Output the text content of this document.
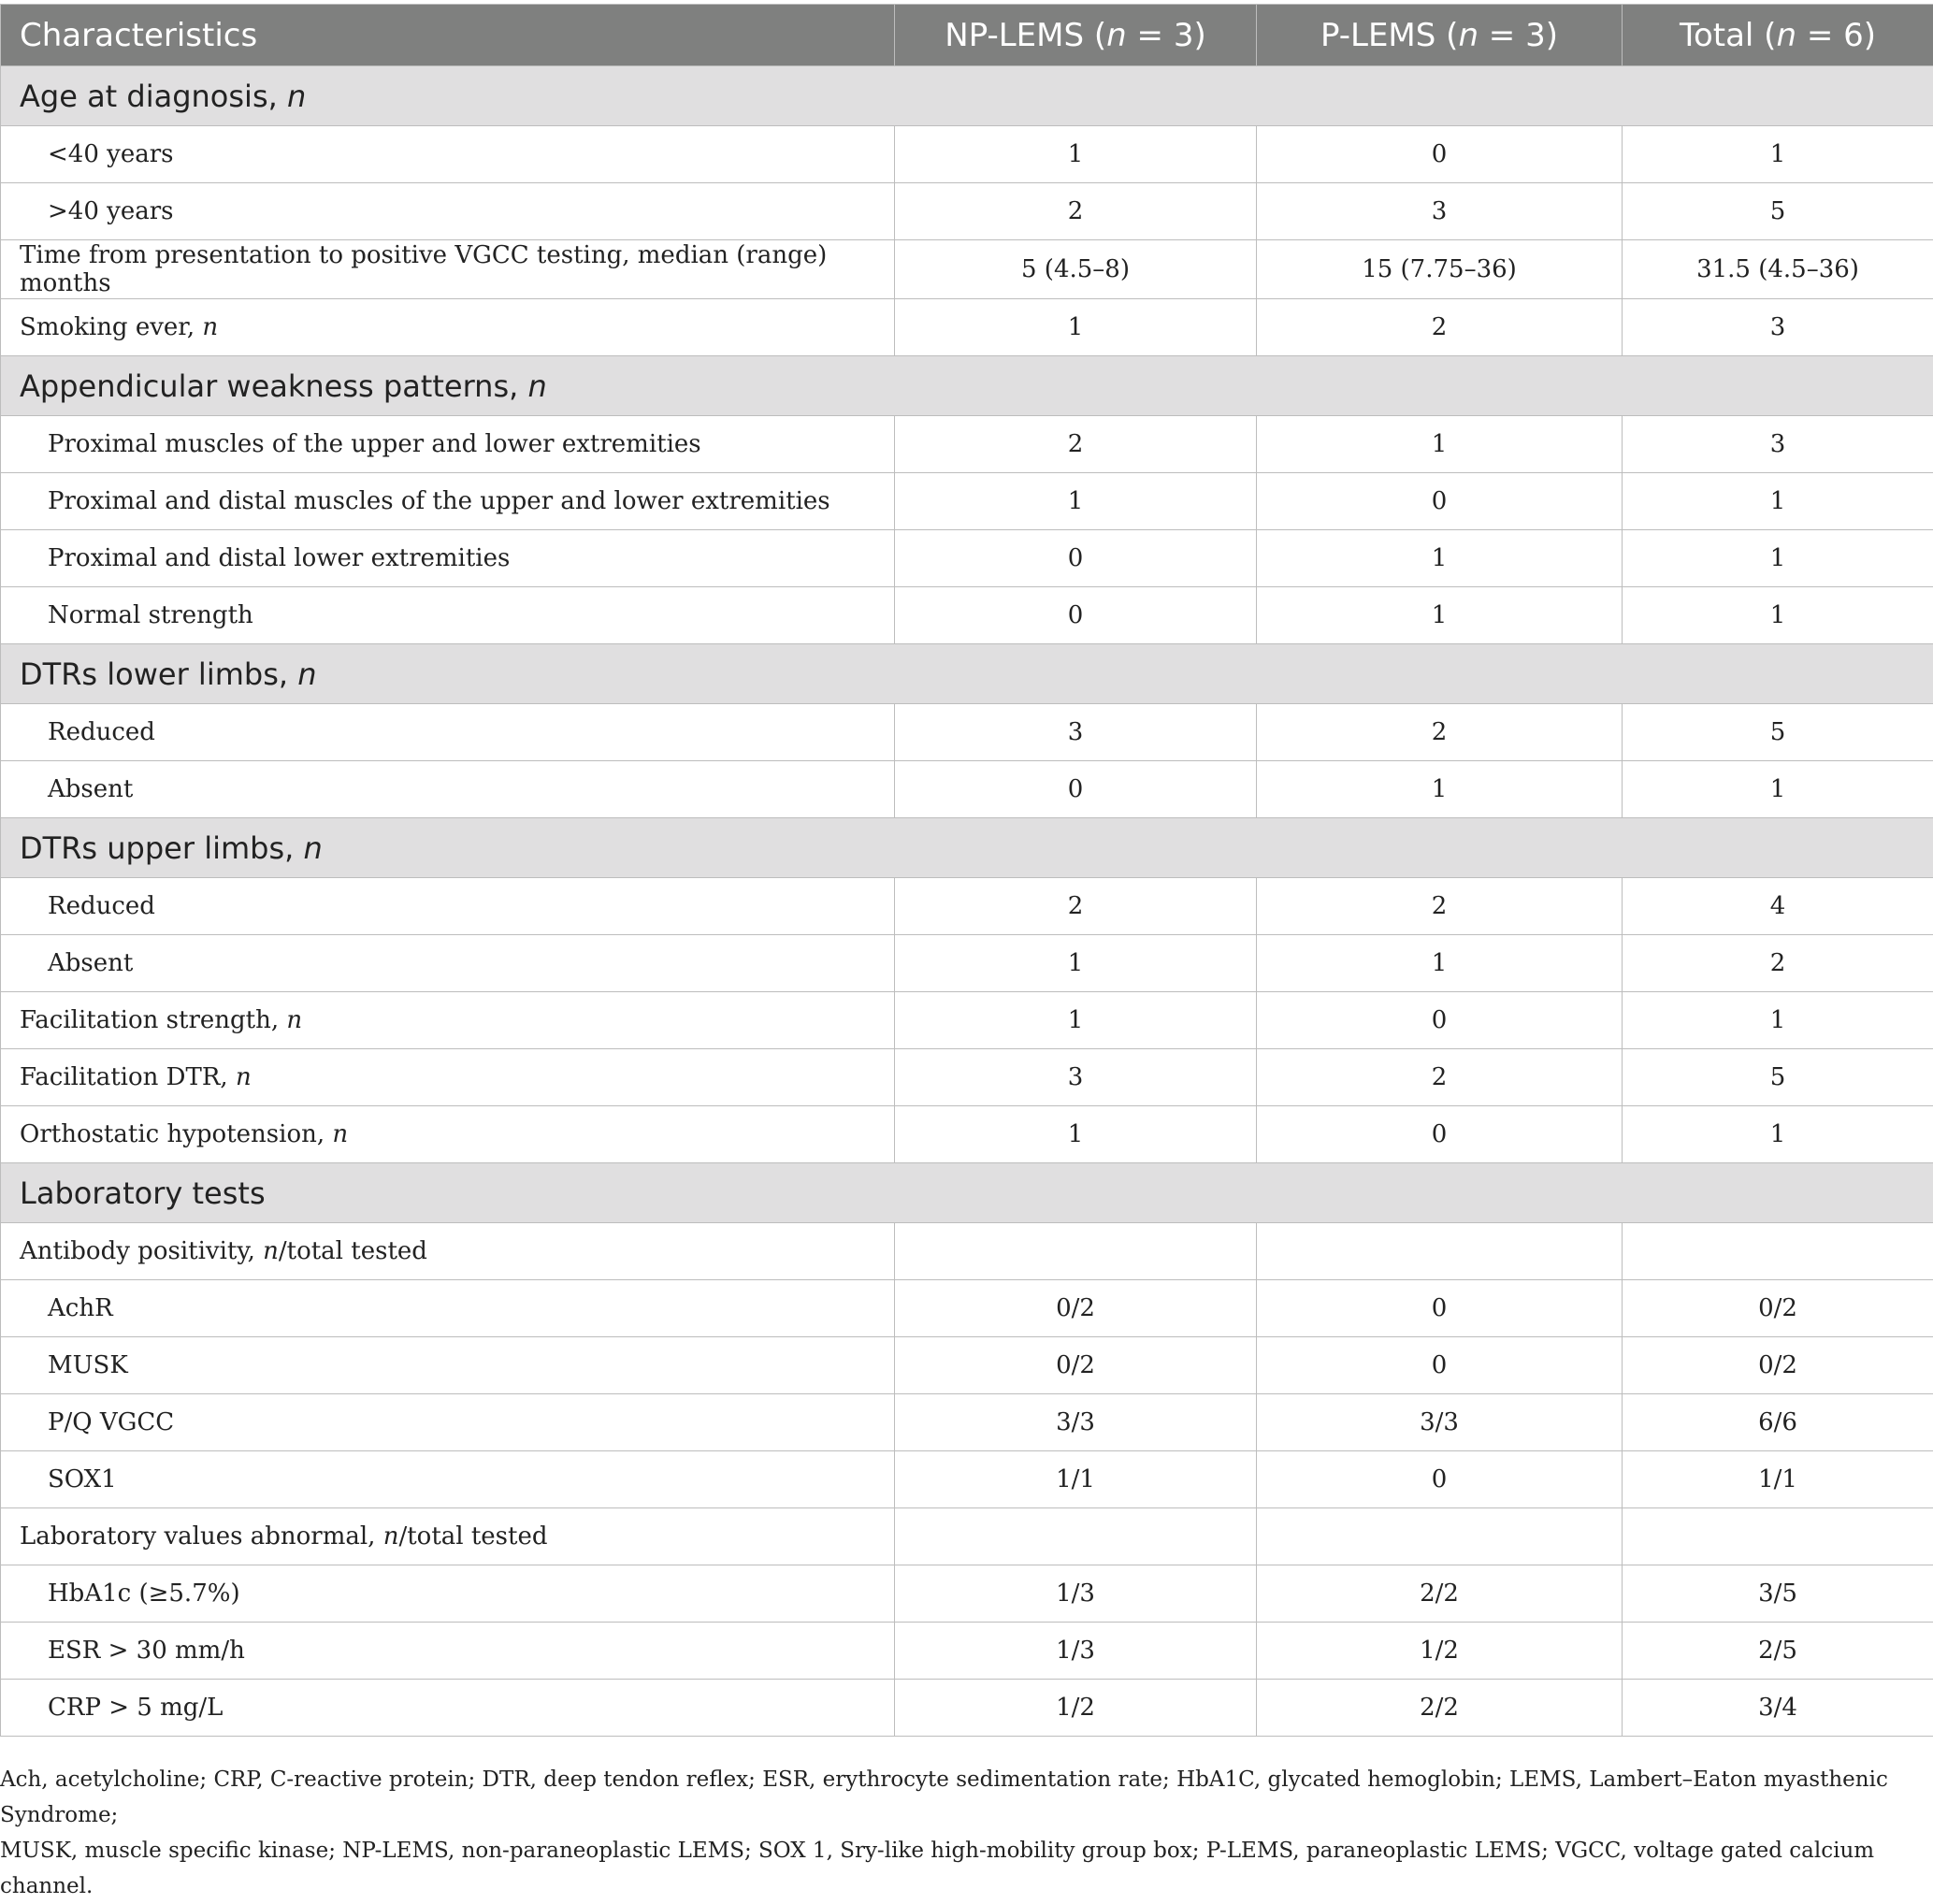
Characteristics	NP-LEMS (n = 3)	P-LEMS (n = 3)	Total (n = 6)
Age at diagnosis, n			
<40 years	1	0	1
>40 years	2	3	5
Time from presentation to positive VGCC testing, median (range) months	5 (4.5–8)	15 (7.75–36)	31.5 (4.5–36)
Smoking ever, n	1	2	3
Appendicular weakness patterns, n			
Proximal muscles of the upper and lower extremities	2	1	3
Proximal and distal muscles of the upper and lower extremities	1	0	1
Proximal and distal lower extremities	0	1	1
Normal strength	0	1	1
DTRs lower limbs, n			
Reduced	3	2	5
Absent	0	1	1
DTRs upper limbs, n			
Reduced	2	2	4
Absent	1	1	2
Facilitation strength, n	1	0	1
Facilitation DTR, n	3	2	5
Orthostatic hypotension, n	1	0	1
Laboratory tests			
Antibody positivity, n/total tested			
AchR	0/2	0	0/2
MUSK	0/2	0	0/2
P/Q VGCC	3/3	3/3	6/6
SOX1	1/1	0	1/1
Laboratory values abnormal, n/total tested			
HbA1c (≥5.7%)	1/3	2/2	3/5
ESR > 30 mm/h	1/3	1/2	2/5
CRP > 5 mg/L	1/2	2/2	3/4

Ach, acetylcholine; CRP, C-reactive protein; DTR, deep tendon reflex; ESR, erythrocyte sedimentation rate; HbA1C, glycated hemoglobin; LEMS, Lambert–Eaton myasthenic Syndrome;
MUSK, muscle specific kinase; NP-LEMS, non-paraneoplastic LEMS; SOX 1, Sry-like high-mobility group box; P-LEMS, paraneoplastic LEMS; VGCC, voltage gated calcium channel.
